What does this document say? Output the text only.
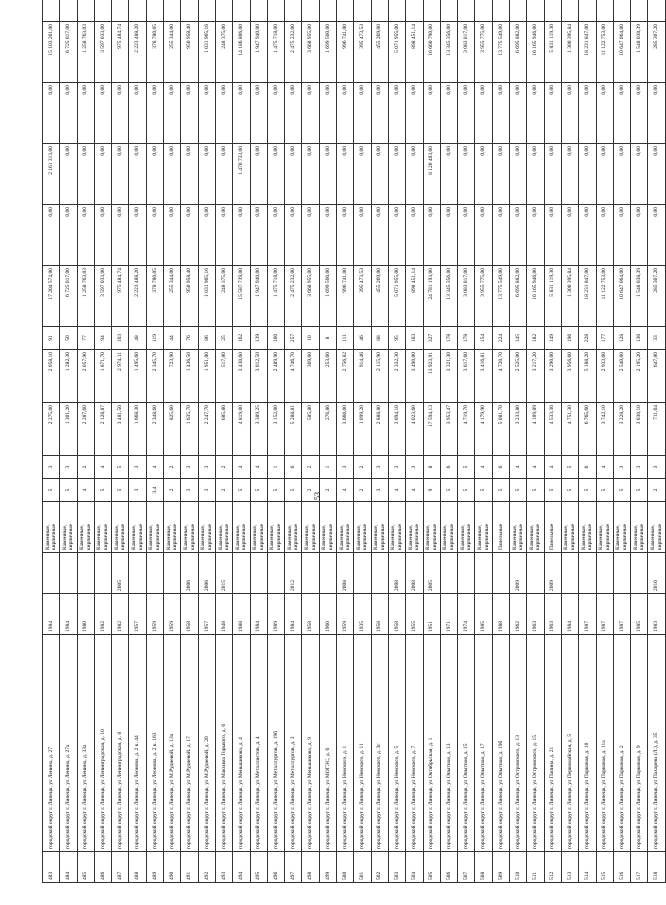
483	городской округ г. Липецк, ул Ленина, д. 27	1984		Каменные, кирпичные	5	3	2 275,00	2 058,10	91	17 204 574,00	0,00	2 161 313,00	0,00	15 103 261,00			
484	городской округ г. Липецк, ул Ленина, д. 27а	1984		Каменные, кирпичные	5	3	1 301,20	1 282,30	50	6 725 017,00	0,00	0,00	0,00	6 725 017,00			
485	городской округ г. Липецк, ул Ленина, д. 33а	1980		Каменные, кирпичные	4	2	2 287,60	2 057,90	77	1 258 763,03	0,00	0,00	0,00	1 258 763,03			
486	городской округ г. Липецк, ул Ленинградская, д. 10	1982		Каменные, кирпичные	5	4	2 128,87	1 871,70	94	3 597 033,00	0,00	0,00	0,00	3 597 033,00			
487	городской округ г. Липецк, ул Ленинградская, д. 8	1982	2005	Каменные, кирпичные	5	5	3 481,50	2 974,11	163	975 484,74	0,00	0,00	0,00	975 484,74			
488	городской округ г. Липецк, ул Леонова, д. 2 к. 44	1957		Каменные, кирпичные	3	3	1 668,30	1 495,60	48	2 223 488,20	0,00	0,00	0,00	2 223 488,20			
489	городской округ г. Липецк, ул Леонова, д. 2 к. 163	1959		Каменные, кирпичные	3,4	4	2 348,60	2 345,70	119	378 780,05	0,00	0,00	0,00	378 780,05			
490	городской округ г. Липецк, ул М.Рудневой, д. 13а	1959		Каменные, кирпичные	2	2	825,60	723,90	44	255 344,00	0,00	0,00	0,00	255 344,00			
491	городской округ г. Липецк, ул М.Рудневой, д. 17	1958	2006	Каменные, кирпичные	3	3	1 635,70	1 436,50	76	950 958,40	0,00	0,00	0,00	950 958,40			
492	городской округ г. Липецк, ул М.Рудневой, д. 20	1957	2006	Каменные, кирпичные	3	3	2 247,70	1 951,80	86	1 031 965,16	0,00	0,00	0,00	1 031 965,16			
493	городской округ г. Липецк, ул Максима Горького, д. 6	1948	2015	Каменные, кирпичные	2	2	685,80	517,80	25	248 375,00	0,00	0,00	0,00	248 375,00			
494	городской округ г. Липецк, ул Меньшикова, д. 4	1988		Каменные, кирпичные	5	4	4 819,00	3 430,60	162	15 587 739,00	0,00	1 470 733,00	0,00	14 186 806,00			
495	городской округ г. Липецк, ул Металлистов, д. 4	1984		Каменные, кирпичные	5	4	3 389,25	3 012,50	139	1 947 940,00	0,00	0,00	0,00	1 947 940,00			
496	городской округ г. Липецк, ул Металлургов, д. 19б	1989		Каменные, кирпичные	5	1	3 152,00	2 489,90	160	1 475 718,00	0,00	0,00	0,00	1 475 718,00			
497	городской округ г. Липецк, ул Металлургов, д. 3	1984	2012	Каменные, кирпичные	5	6	5 288,81	4 746,70	257	2 475 232,00	0,00	0,00	0,00	2 475 232,00			
498	городской округ г. Липецк, ул Меньшикова, д. 9	1958		Каменные, кирпичные	2	2	585,80	369,60	10	3 668 955,00	0,00	0,00	0,00	3 668 955,00			
499	городской округ г. Липецк, ул МОГЭС, д. 6	1960		Каменные, кирпичные	2	1	276,86	253,60	8	1 699 560,00	0,00	0,00	0,00	1 699 560,00			
500	городской округ г. Липецк, ул Невского, д. 1	1959	2008	Каменные, кирпичные	4	3	3 660,00	2 756,82	111	996 741,00	0,00	0,00	0,00	996 741,00			
501	городской округ г. Липецк, ул Невского, д. 11	1935		Каменные, кирпичные	2	2	1 099,20	914,46	46	395 473,53	0,00	0,00	0,00	395 473,53			
502	городской округ г. Липецк, ул Невского, д. 3г	1958		Каменные, кирпичные	3	3	2 888,80	2 115,90	88	455 269,00	0,00	0,00	0,00	455 269,00			
503	городской округ г. Липецк, ул Невского, д. 5	1958	2008	Каменные, кирпичные	4	3	3 094,10	2 332,30	95	5 071 955,00	0,00	0,00	0,00	5 071 955,00			
504	городской округ г. Липецк, ул Невского, д. 7	1955	2008	Каменные, кирпичные	4	3	4 023,60	3 490,00	163	898 451,14	0,00	0,00	0,00	898 451,14			
505	городской округ г. Липецк, ул Октябрьская, д. 1	1951	2005	Каменные, кирпичные	9	8	17 594,13	13 923,91	327	24 781 193,00	0,00	8 120 403,00	0,00	16 660 790,00			
506	городской округ г. Липецк, ул Опытная, д. 13	1971		Каменные, кирпичные	5	6	3 953,47	3 321,30	178	13 345 356,00	0,00	0,00	0,00	13 345 356,00			
507	городской округ г. Липецк, ул Опытная, д. 15	1974		Каменные, кирпичные	5	5	4 719,70	3 617,60	178	3 083 817,00	0,00	0,00	0,00	3 083 817,00			
508	городской округ г. Липецк, ул Опытная, д. 17	1985		Каменные, кирпичные	5	4	4 179,90	3 416,81	154	3 955 775,00	0,00	0,00	0,00	3 955 775,00			
509	городской округ г. Липецк, ул Опытная, д. 19б	1988		Панельные	5	6	5 081,70	4 720,70	224	13 775 549,00	0,00	0,00	0,00	13 775 549,00			
510	городской округ г. Липецк, ул Островского, д. 13	1962	2009	Каменные, кирпичные	5	4	3 233,80	2 525,00	145	6 695 882,00	0,00	0,00	0,00	6 695 882,00			
511	городской округ г. Липецк, ул Островского, д. 15	1963		Каменные, кирпичные	5	4	4 109,89	3 217,20	182	16 165 946,00	0,00	0,00	0,00	16 165 946,00			
512	городской округ г. Липецк, ул Папина, д. 21	1963	2009	Панельные	5	4	4 533,30	3 290,00	149	5 831 119,30	0,00	0,00	0,00	5 831 119,30			
513	городской округ г. Липецк, ул Первомайская, д. 5	1984		Каменные, кирпичные	5	5	4 751,30	3 956,60	196	1 300 395,84	0,00	0,00	0,00	1 300 395,84			
514	городской округ г. Липецк, ул Парковая, д. 10	1987		Каменные, кирпичные	5	6	6 765,60	5 188,20	228	18 231 847,00	0,00	0,00	0,00	18 231 847,00			
515	городской округ г. Липецк, ул Парковая, д. 11а	1987		Каменные, кирпичные	5	4	3 742,10	2 933,60	177	11 122 753,00	0,00	0,00	0,00	11 122 753,00			
516	городской округ г. Липецк, ул Парковая, д. 2	1987		Каменные, кирпичные	5	3	3 228,20	2 540,60	128	10 647 064,00	0,00	0,00	0,00	10 647 064,00			
517	городской округ г. Липецк, ул Парковая, д. 9	1985		Каменные, кирпичные	5	3	3 030,10	2 195,20	130	1 548 038,39	0,00	0,00	0,00	1 548 038,39			
518	городской округ г. Липецк, ул Пахарева (Л.), д. 35	1983	2016	Каменные, кирпичные	2	3	711,64	647,80	33	285 307,20	0,00	0,00	0,00	285 307,20			
53
